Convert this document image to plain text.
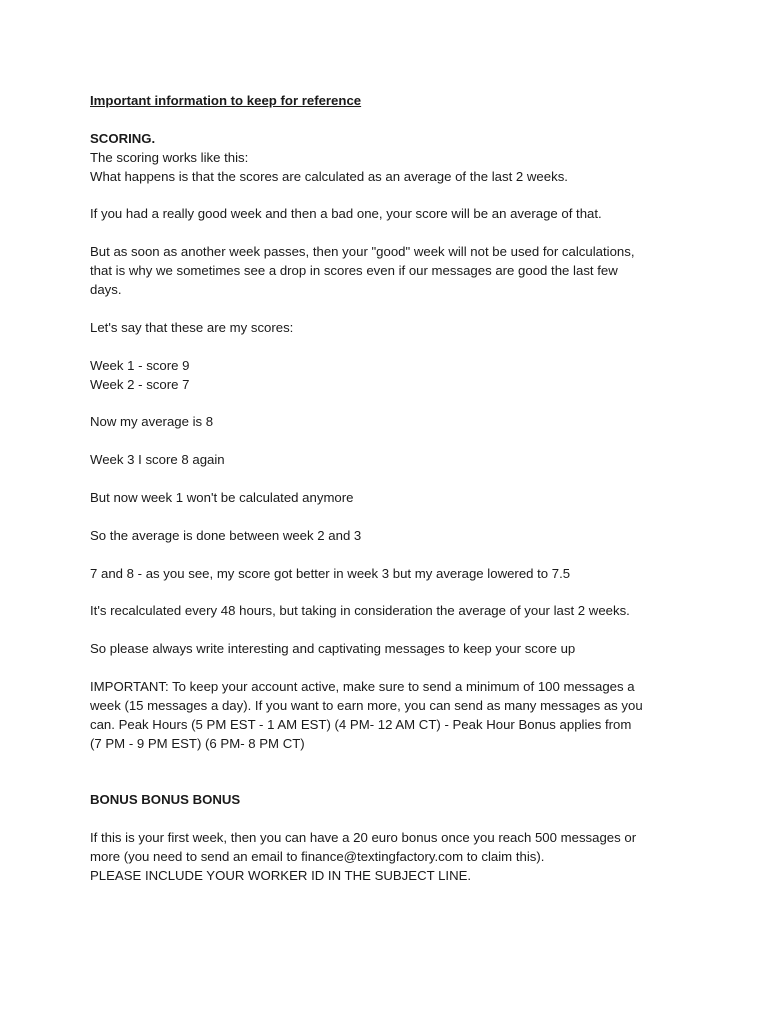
Important information to keep for reference
SCORING.
The scoring works like this:
What happens is that the scores are calculated as an average of the last 2 weeks.
If you had a really good week and then a bad one, your score will be an average of that.
But as soon as another week passes, then your "good" week will not be used for calculations,
that is why we sometimes see a drop in scores even if our messages are good the last few
days.
Let's say that these are my scores:
Week 1 - score 9
Week 2 - score 7
Now my average is 8
Week 3 I score 8 again
But now week 1 won't be calculated anymore
So the average is done between week 2 and 3
7 and 8 - as you see, my score got better in week 3 but my average lowered to 7.5
It's recalculated every 48 hours, but taking in consideration the average of your last 2 weeks.
So please always write interesting and captivating messages to keep your score up
IMPORTANT: To keep your account active, make sure to send a minimum of 100 messages a
week (15 messages a day). If you want to earn more, you can send as many messages as you
can. Peak Hours (5 PM EST - 1 AM EST) (4 PM- 12 AM CT) - Peak Hour Bonus applies from
(7 PM - 9 PM EST) (6 PM- 8 PM CT)
BONUS BONUS BONUS
If this is your first week, then you can have a 20 euro bonus once you reach 500 messages or
more (you need to send an email to finance@textingfactory.com to claim this).
PLEASE INCLUDE YOUR WORKER ID IN THE SUBJECT LINE.
